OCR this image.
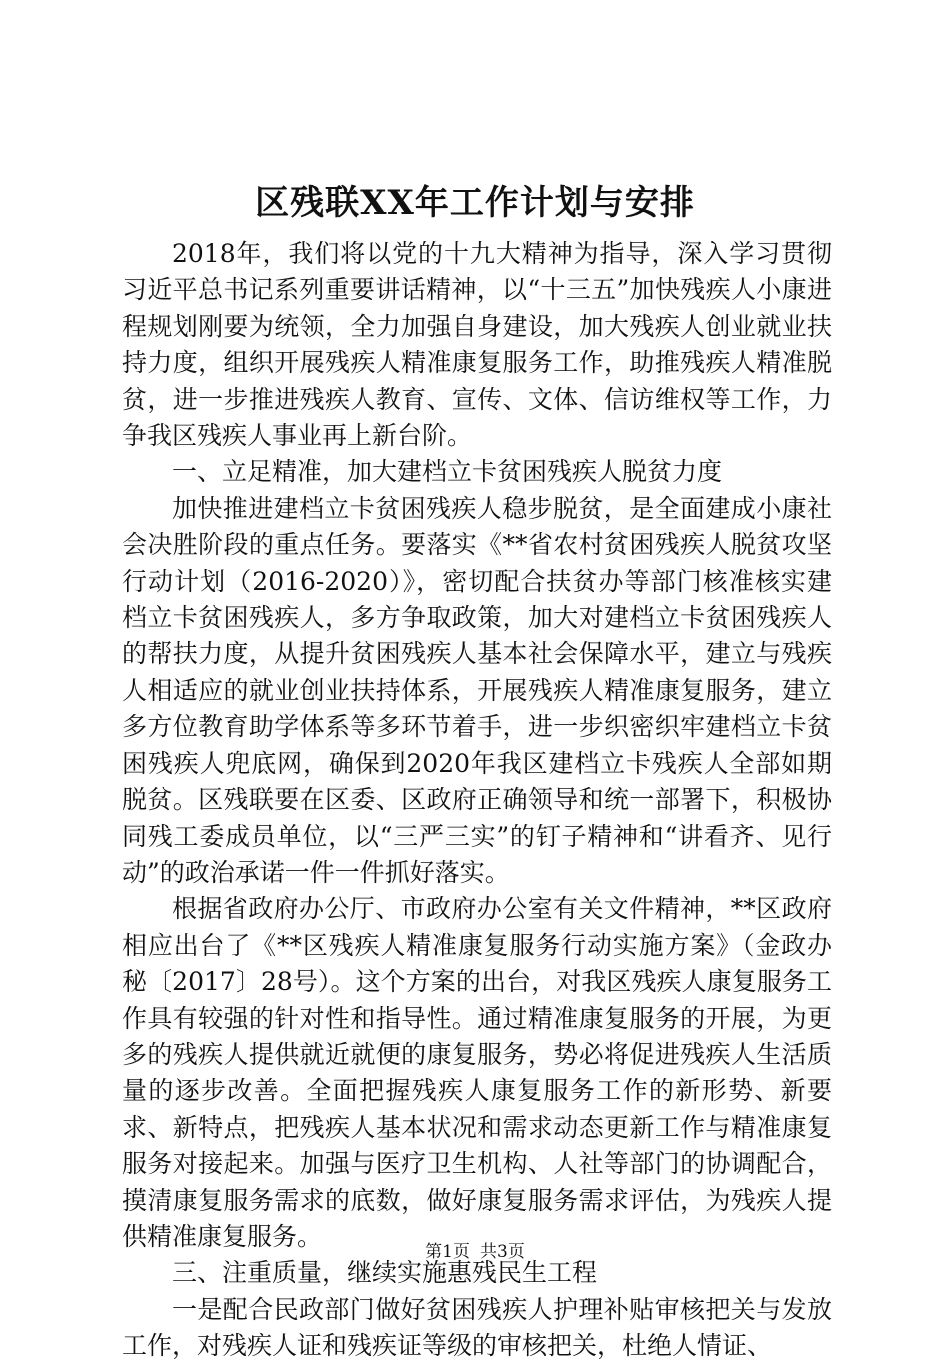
区残联XX年工作计划与安排

2018年，我们将以党的十九大精神为指导，深入学习贯彻习近平总书记系列重要讲话精神，以“十三五”加快残疾人小康进程规划刚要为统领，全力加强自身建设，加大残疾人创业就业扶持力度，组织开展残疾人精准康复服务工作，助推残疾人精准脱贫，进一步推进残疾人教育、宣传、文体、信访维权等工作，力争我区残疾人事业再上新台阶。

一、立足精准，加大建档立卡贫困残疾人脱贫力度

加快推进建档立卡贫困残疾人稳步脱贫，是全面建成小康社会决胜阶段的重点任务。要落实《**省农村贫困残疾人脱贫攻坚行动计划（2016-2020）》，密切配合扶贫办等部门核准核实建档立卡贫困残疾人，多方争取政策，加大对建档立卡贫困残疾人的帮扶力度，从提升贫困残疾人基本社会保障水平，建立与残疾人相适应的就业创业扶持体系，开展残疾人精准康复服务，建立多方位教育助学体系等多环节着手，进一步织密织牢建档立卡贫困残疾人兜底网，确保到2020年我区建档立卡残疾人全部如期脱贫。区残联要在区委、区政府正确领导和统一部署下，积极协同残工委成员单位，以“三严三实”的钉子精神和“讲看齐、见行动”的政治承诺一件一件抓好落实。

根据省政府办公厅、市政府办公室有关文件精神，**区政府相应出台了《**区残疾人精准康复服务行动实施方案》（金政办秘〔2017〕28号）。这个方案的出台，对我区残疾人康复服务工作具有较强的针对性和指导性。通过精准康复服务的开展，为更多的残疾人提供就近就便的康复服务，势必将促进残疾人生活质量的逐步改善。全面把握残疾人康复服务工作的新形势、新要求、新特点，把残疾人基本状况和需求动态更新工作与精准康复服务对接起来。加强与医疗卫生机构、人社等部门的协调配合，摸清康复服务需求的底数，做好康复服务需求评估，为残疾人提供精准康复服务。

三、注重质量，继续实施惠残民生工程

一是配合民政部门做好贫困残疾人护理补贴审核把关与发放工作，对残疾人证和残疾证等级的审核把关，杜绝人情证、

第1页 共3页
